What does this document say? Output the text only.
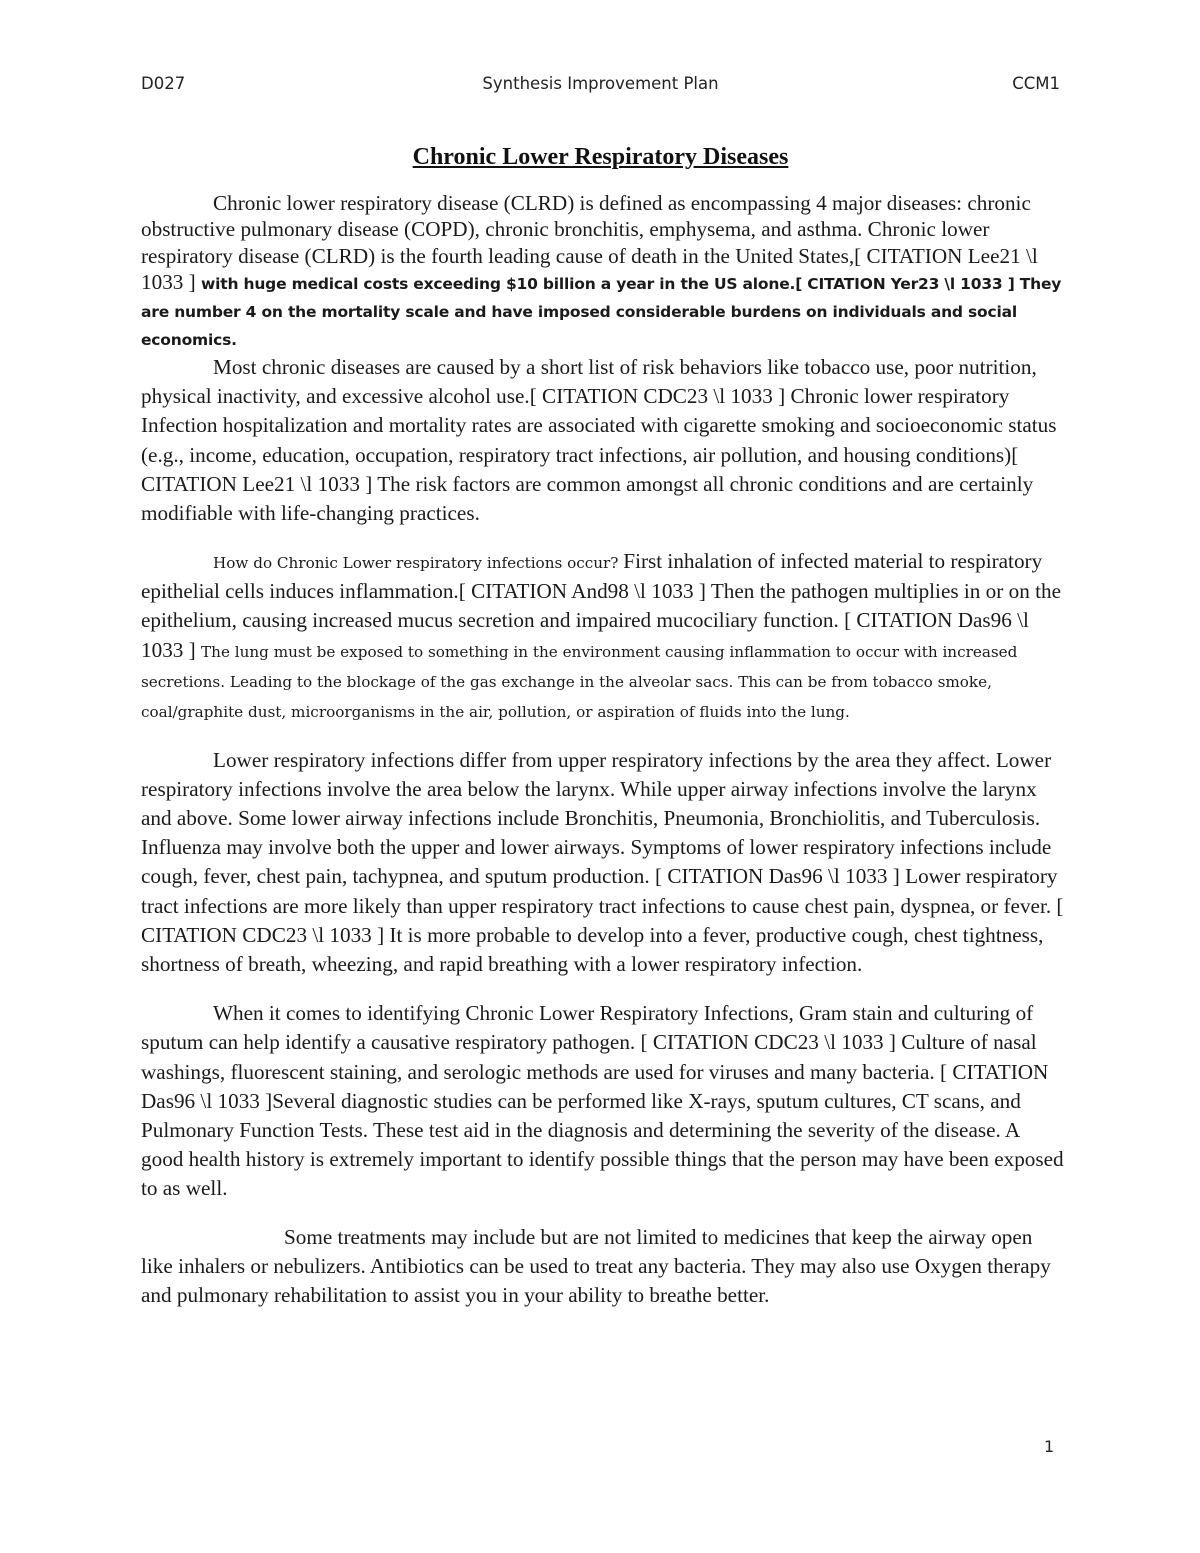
D027	Synthesis Improvement Plan	CCM1
Chronic Lower Respiratory Diseases

Chronic lower respiratory disease (CLRD) is defined as encompassing 4 major diseases: chronic obstructive pulmonary disease (COPD), chronic bronchitis, emphysema, and asthma. Chronic lower respiratory disease (CLRD) is the fourth leading cause of death in the United States,[ CITATION Lee21 \l 1033 ] with huge medical costs exceeding $10 billion a year in the US alone.[ CITATION Yer23 \l 1033 ] They are number 4 on the mortality scale and have imposed considerable burdens on individuals and social economics.

Most chronic diseases are caused by a short list of risk behaviors like tobacco use, poor nutrition, physical inactivity, and excessive alcohol use.[ CITATION CDC23 \l 1033 ] Chronic lower respiratory Infection hospitalization and mortality rates are associated with cigarette smoking and socioeconomic status (e.g., income, education, occupation, respiratory tract infections, air pollution, and housing conditions)[ CITATION Lee21 \l 1033 ] The risk factors are common amongst all chronic conditions and are certainly modifiable with life-changing practices.

How do Chronic Lower respiratory infections occur? First inhalation of infected material to respiratory epithelial cells induces inflammation.[ CITATION And98 \l 1033 ] Then the pathogen multiplies in or on the epithelium, causing increased mucus secretion and impaired mucociliary function. [ CITATION Das96 \l 1033 ] The lung must be exposed to something in the environment causing inflammation to occur with increased secretions. Leading to the blockage of the gas exchange in the alveolar sacs. This can be from tobacco smoke, coal/graphite dust, microorganisms in the air, pollution, or aspiration of fluids into the lung.

Lower respiratory infections differ from upper respiratory infections by the area they affect. Lower respiratory infections involve the area below the larynx. While upper airway infections involve the larynx and above. Some lower airway infections include Bronchitis, Pneumonia, Bronchiolitis, and Tuberculosis. Influenza may involve both the upper and lower airways. Symptoms of lower respiratory infections include cough, fever, chest pain, tachypnea, and sputum production. [ CITATION Das96 \l 1033 ] Lower respiratory tract infections are more likely than upper respiratory tract infections to cause chest pain, dyspnea, or fever. [ CITATION CDC23 \l 1033 ] It is more probable to develop into a fever, productive cough, chest tightness, shortness of breath, wheezing, and rapid breathing with a lower respiratory infection.

When it comes to identifying Chronic Lower Respiratory Infections, Gram stain and culturing of sputum can help identify a causative respiratory pathogen. [ CITATION CDC23 \l 1033 ] Culture of nasal washings, fluorescent staining, and serologic methods are used for viruses and many bacteria. [ CITATION Das96 \l 1033 ]Several diagnostic studies can be performed like X-rays, sputum cultures, CT scans, and Pulmonary Function Tests. These test aid in the diagnosis and determining the severity of the disease. A good health history is extremely important to identify possible things that the person may have been exposed to as well.

Some treatments may include but are not limited to medicines that keep the airway open like inhalers or nebulizers. Antibiotics can be used to treat any bacteria. They may also use Oxygen therapy and pulmonary rehabilitation to assist you in your ability to breathe better.

1
